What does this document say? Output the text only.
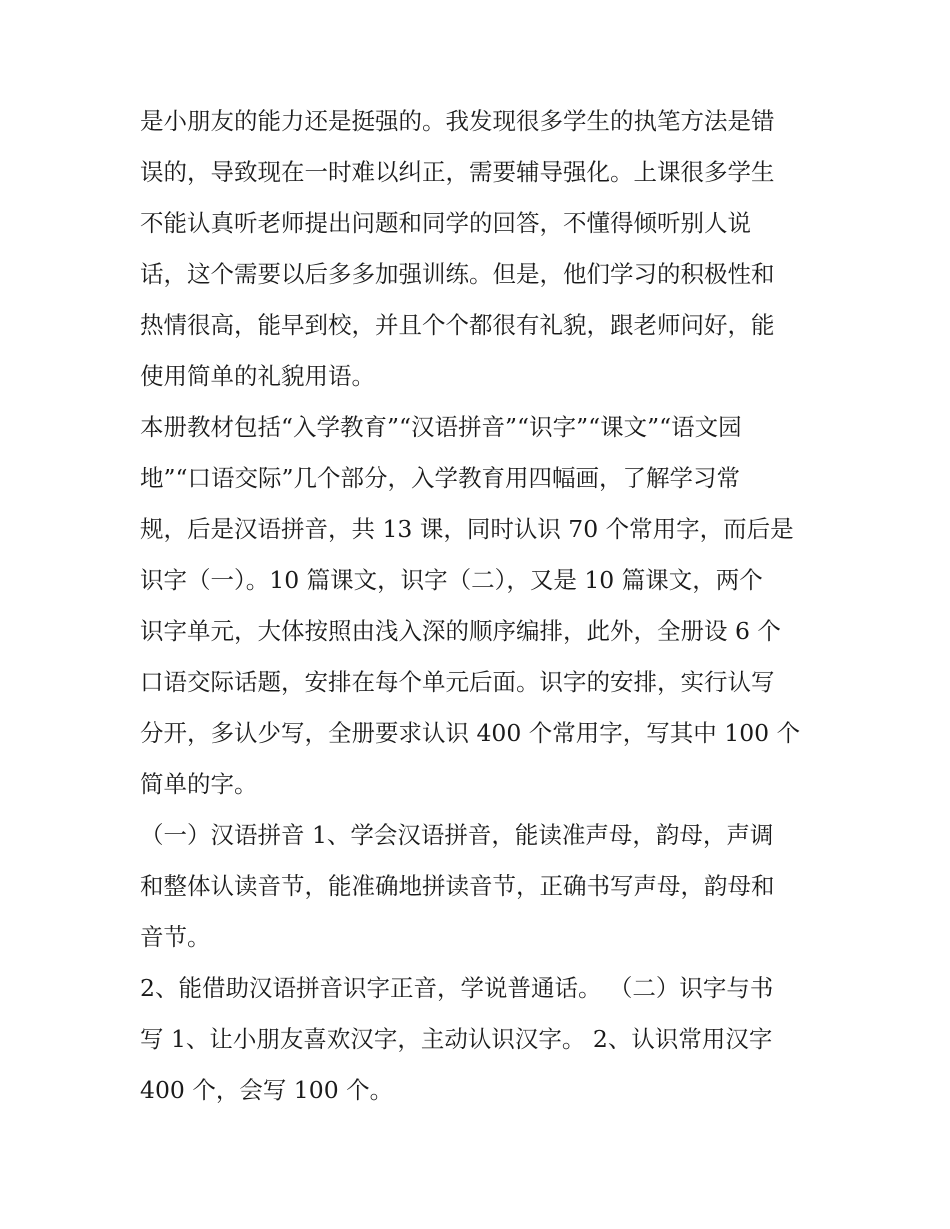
是小朋友的能力还是挺强的。我发现很多学生的执笔方法是错
误的，导致现在一时难以纠正，需要辅导强化。上课很多学生
不能认真听老师提出问题和同学的回答，不懂得倾听别人说
话，这个需要以后多多加强训练。但是，他们学习的积极性和
热情很高，能早到校，并且个个都很有礼貌，跟老师问好，能
使用简单的礼貌用语。
本册教材包括“入学教育”“汉语拼音”“识字”“课文”“语文园
地”“口语交际”几个部分，入学教育用四幅画，了解学习常
规，后是汉语拼音，共 13 课，同时认识 70 个常用字，而后是
识字（一）。10 篇课文，识字（二），又是 10 篇课文，两个
识字单元，大体按照由浅入深的顺序编排，此外，全册设 6 个
口语交际话题，安排在每个单元后面。识字的安排，实行认写
分开，多认少写，全册要求认识 400 个常用字，写其中 100 个
简单的字。
（一）汉语拼音 1、学会汉语拼音，能读准声母，韵母，声调
和整体认读音节，能准确地拼读音节，正确书写声母，韵母和
音节。
2、能借助汉语拼音识字正音，学说普通话。 （二）识字与书
写 1、让小朋友喜欢汉字，主动认识汉字。 2、认识常用汉字
400 个，会写 100 个。
